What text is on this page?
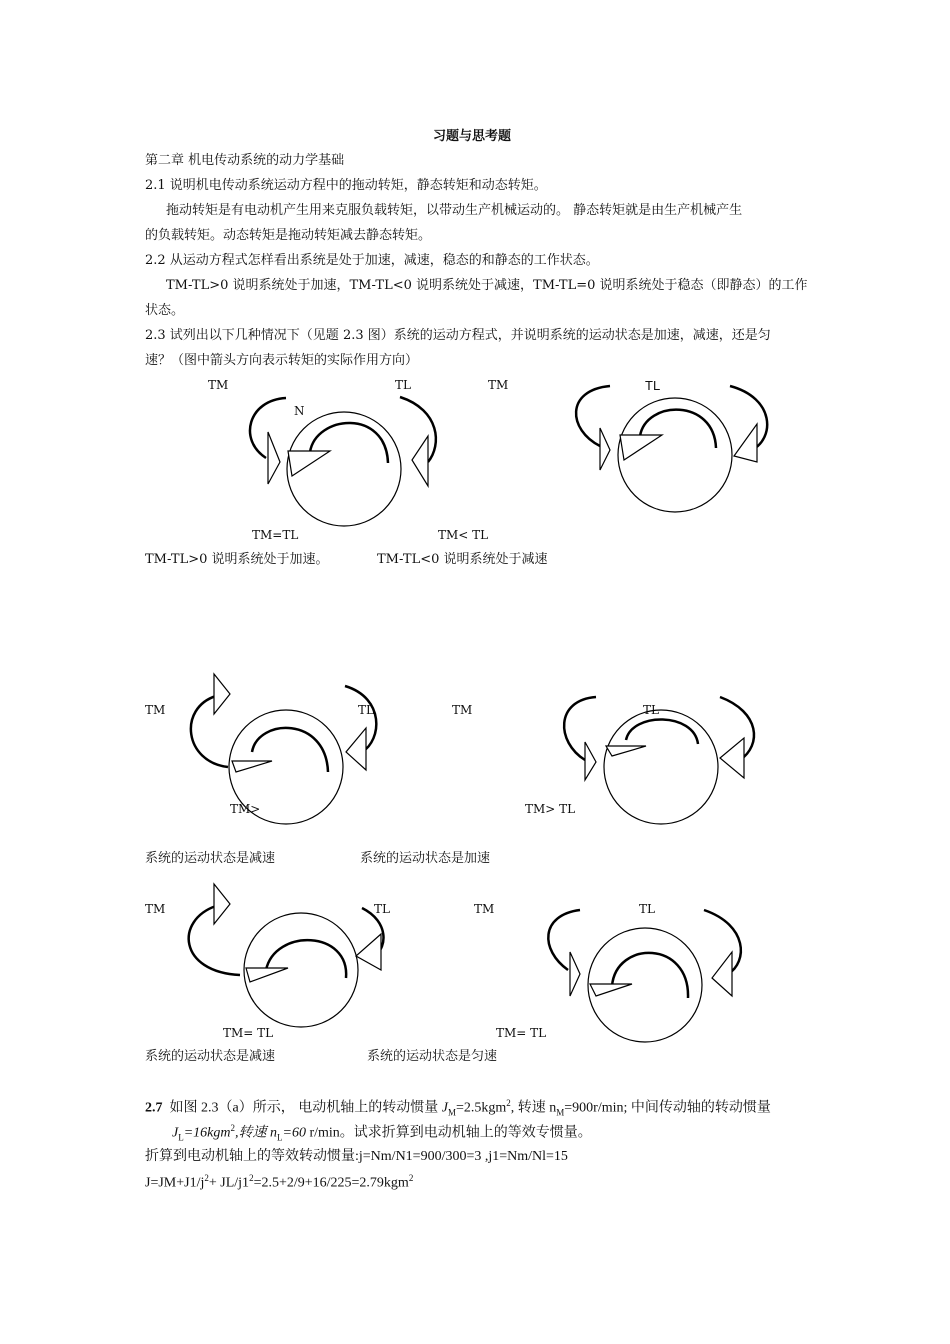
习题与思考题
第二章 机电传动系统的动力学基础
2.1 说明机电传动系统运动方程中的拖动转矩，静态转矩和动态转矩。
拖动转矩是有电动机产生用来克服负载转矩，以带动生产机械运动的。 静态转矩就是由生产机械产生
的负载转矩。动态转矩是拖动转矩减去静态转矩。
2.2 从运动方程式怎样看出系统是处于加速，减速，稳态的和静态的工作状态。
TM-TL>0 说明系统处于加速，TM-TL<0 说明系统处于减速，TM-TL=0 说明系统处于稳态（即静态）的工作
状态。
2.3 试列出以下几种情况下（见题 2.3 图）系统的运动方程式，并说明系统的运动状态是加速，减速，还是匀
速？（图中箭头方向表示转矩的实际作用方向）
TM	TL
N
TM	TL
TM=TL	TM< TL
TM-TL>0 说明系统处于加速。	TM-TL<0 说明系统处于减速
TM	TL	TM	TL
TM>	TM> TL
系统的运动状态是减速	系统的运动状态是加速
TM	TL	TM	TL
TM= TL	TM= TL
系统的运动状态是减速	系统的运动状态是匀速
2.7 如图 2.3（a）所示， 电动机轴上的转动惯量 $J_M=2.5kgm^2$, 转速 $n_M=900r/\min$; 中间传动轴的转动惯量
$J_L=16kgm^2$,转速 $n_L=60$ r/min。试求折算到电动机轴上的等效专惯量。
折算到电动机轴上的等效转动惯量:j=Nm/N1=900/300=3 ,j1=Nm/Nl=15
$J=JM+J1/j^2+ JL/j1^2=2.5+2/9+16/225=2.79kgm^2$
